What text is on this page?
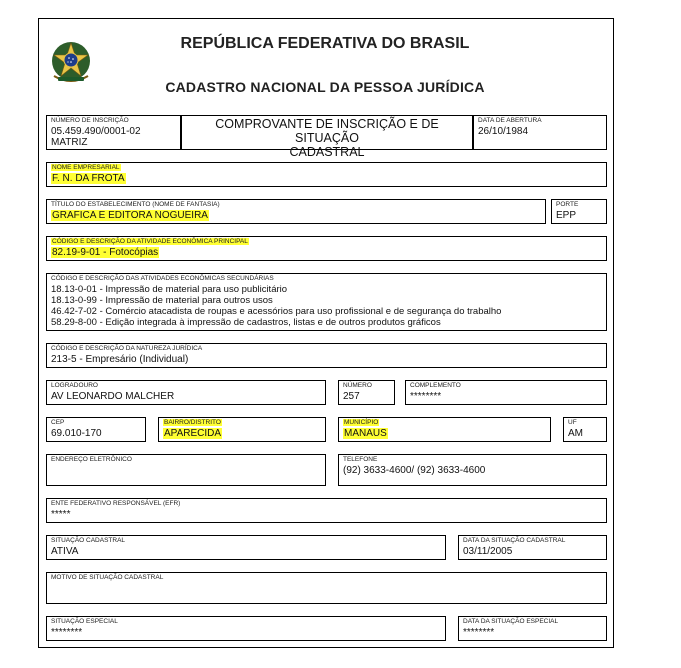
REPÚBLICA FEDERATIVA DO BRASIL
CADASTRO NACIONAL DA PESSOA JURÍDICA
NÚMERO DE INSCRIÇÃO
05.459.490/0001-02
MATRIZ
COMPROVANTE DE INSCRIÇÃO E DE SITUAÇÃO
CADASTRAL
DATA DE ABERTURA
26/10/1984
NOME EMPRESARIAL
F. N. DA FROTA
TÍTULO DO ESTABELECIMENTO (NOME DE FANTASIA)
GRAFICA E EDITORA NOGUEIRA
PORTE
EPP
CÓDIGO E DESCRIÇÃO DA ATIVIDADE ECONÔMICA PRINCIPAL
82.19-9-01 - Fotocópias
CÓDIGO E DESCRIÇÃO DAS ATIVIDADES ECONÔMICAS SECUNDÁRIAS
18.13-0-01 - Impressão de material para uso publicitário
18.13-0-99 - Impressão de material para outros usos
46.42-7-02 - Comércio atacadista de roupas e acessórios para uso profissional e de segurança do trabalho
58.29-8-00 - Edição integrada à impressão de cadastros, listas e de outros produtos gráficos
CÓDIGO E DESCRIÇÃO DA NATUREZA JURÍDICA
213-5 - Empresário (Individual)
LOGRADOURO
AV LEONARDO MALCHER
NÚMERO
257
COMPLEMENTO
********
CEP
69.010-170
BAIRRO/DISTRITO
APARECIDA
MUNICÍPIO
MANAUS
UF
AM
ENDEREÇO ELETRÔNICO	TELEFONE
(92) 3633-4600/ (92) 3633-4600
ENTE FEDERATIVO RESPONSÁVEL (EFR)
*****
SITUAÇÃO CADASTRAL
ATIVA
DATA DA SITUAÇÃO CADASTRAL
03/11/2005
MOTIVO DE SITUAÇÃO CADASTRAL
SITUAÇÃO ESPECIAL
********
DATA DA SITUAÇÃO ESPECIAL
********
